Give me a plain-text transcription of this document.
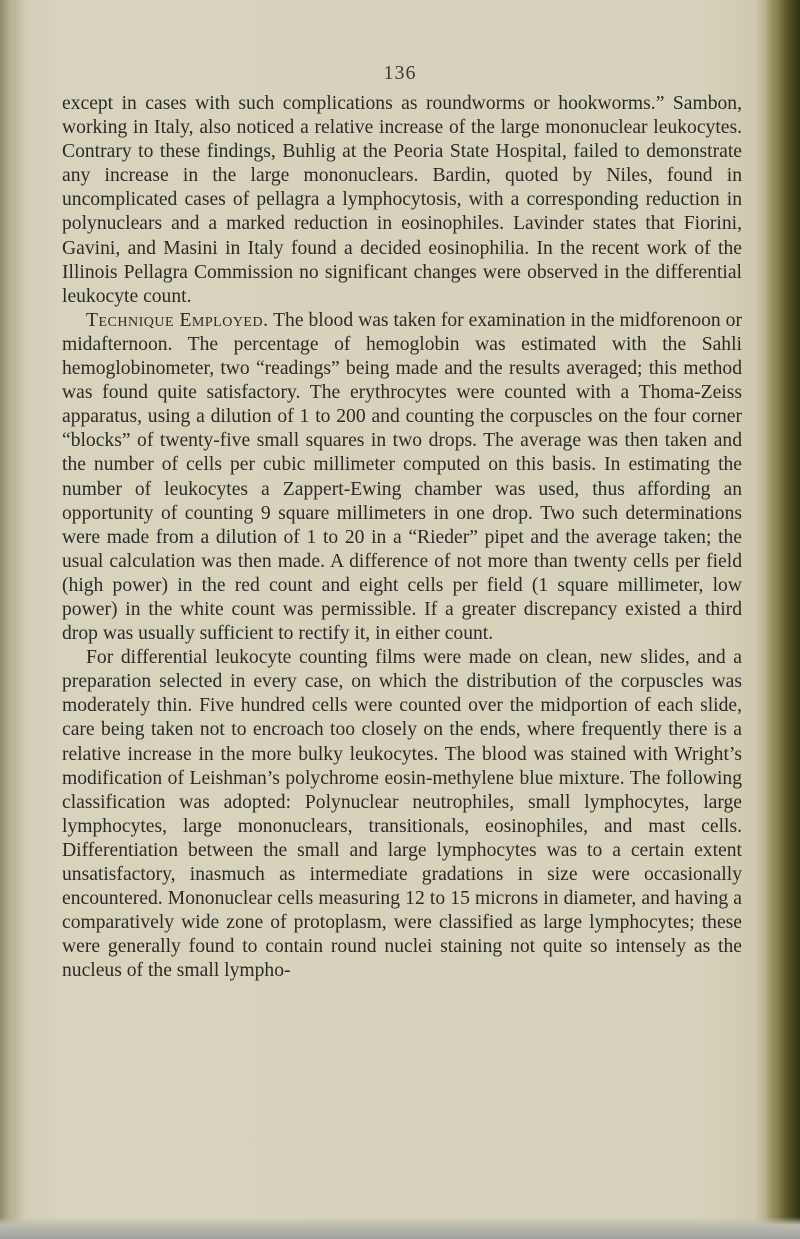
136

except in cases with such complications as roundworms or hookworms.” Sambon, working in Italy, also noticed a relative increase of the large mononuclear leukocytes. Contrary to these findings, Buhlig at the Peoria State Hospital, failed to demonstrate any increase in the large mononuclears. Bardin, quoted by Niles, found in uncomplicated cases of pellagra a lymphocytosis, with a corresponding reduction in polynuclears and a marked reduction in eosinophiles. Lavinder states that Fiorini, Gavini, and Masini in Italy found a decided eosinophilia. In the recent work of the Illinois Pellagra Commission no significant changes were observed in the differential leukocyte count.

Technique Employed. The blood was taken for examination in the midforenoon or midafternoon. The percentage of hemoglobin was estimated with the Sahli hemoglobinometer, two “readings” being made and the results averaged; this method was found quite satisfactory. The erythrocytes were counted with a Thoma-Zeiss apparatus, using a dilution of 1 to 200 and counting the corpuscles on the four corner “blocks” of twenty-five small squares in two drops. The average was then taken and the number of cells per cubic millimeter computed on this basis. In estimating the number of leukocytes a Zappert-Ewing chamber was used, thus affording an opportunity of counting 9 square millimeters in one drop. Two such determinations were made from a dilution of 1 to 20 in a “Rieder” pipet and the average taken; the usual calculation was then made. A difference of not more than twenty cells per field (high power) in the red count and eight cells per field (1 square millimeter, low power) in the white count was permissible. If a greater discrepancy existed a third drop was usually sufficient to rectify it, in either count.

For differential leukocyte counting films were made on clean, new slides, and a preparation selected in every case, on which the distribution of the corpuscles was moderately thin. Five hundred cells were counted over the midportion of each slide, care being taken not to encroach too closely on the ends, where frequently there is a relative increase in the more bulky leukocytes. The blood was stained with Wright’s modification of Leishman’s polychrome eosin-methylene blue mixture. The following classification was adopted: Polynuclear neutrophiles, small lymphocytes, large lymphocytes, large mononuclears, transitionals, eosinophiles, and mast cells. Differentiation between the small and large lymphocytes was to a certain extent unsatisfactory, inasmuch as intermediate gradations in size were occasionally encountered. Mononuclear cells measuring 12 to 15 microns in diameter, and having a comparatively wide zone of protoplasm, were classified as large lymphocytes; these were generally found to contain round nuclei staining not quite so intensely as the nucleus of the small lympho-
